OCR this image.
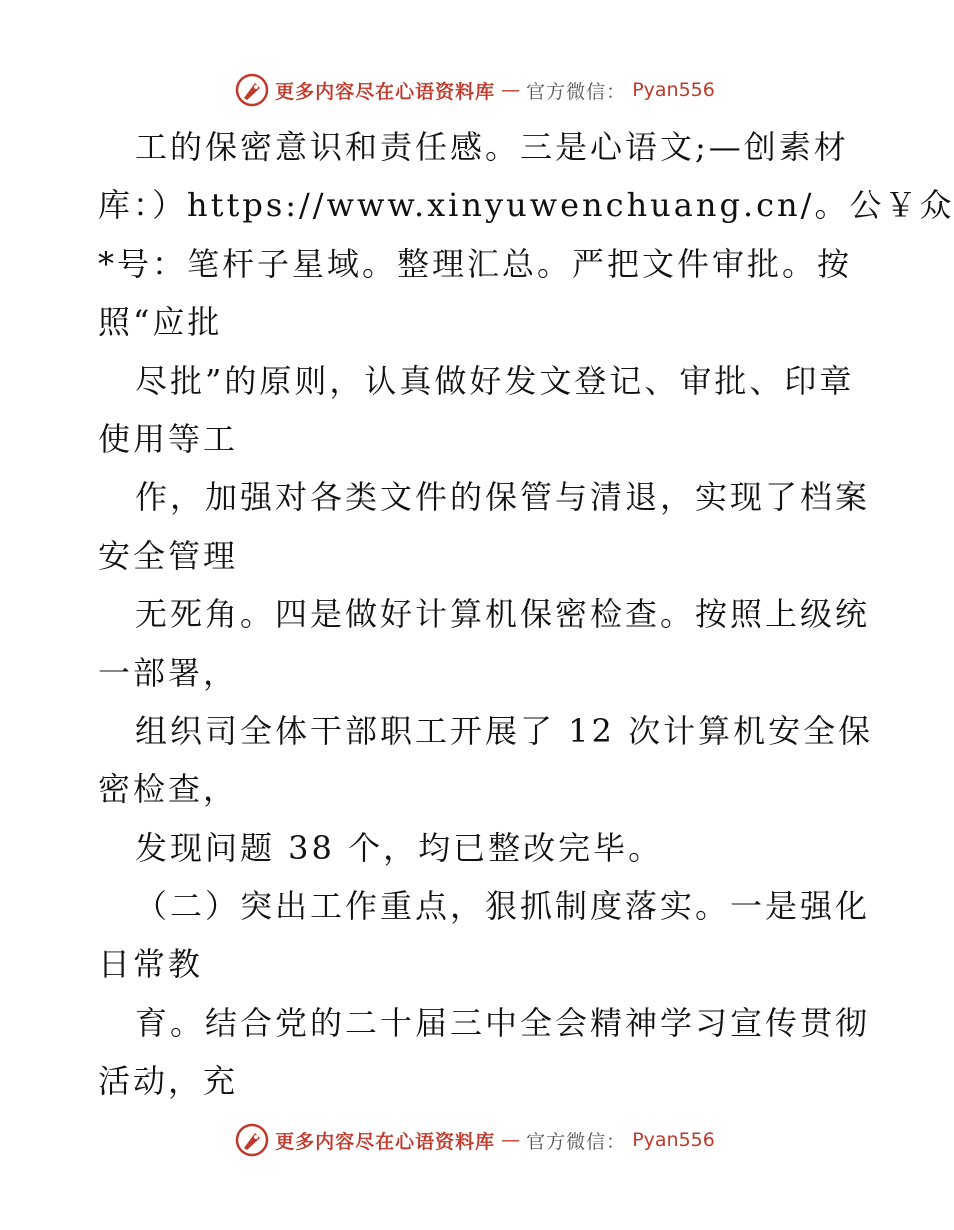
更多内容尽在心语资料库 — 官方微信： Pyan556
工的保密意识和责任感。三是心语文;—创素材
库：）https://www.xinyuwenchuang.cn/。公￥众
*号：笔杆子星域。整理汇总。严把文件审批。按
照“应批
尽批”的原则，认真做好发文登记、审批、印章
使用等工
作，加强对各类文件的保管与清退，实现了档案
安全管理
无死角。四是做好计算机保密检查。按照上级统
一部署，
组织司全体干部职工开展了 12 次计算机安全保
密检查，
发现问题 38 个，均已整改完毕。
（二）突出工作重点，狠抓制度落实。一是强化
日常教
育。结合党的二十届三中全会精神学习宣传贯彻
活动，充
更多内容尽在心语资料库 — 官方微信： Pyan556
